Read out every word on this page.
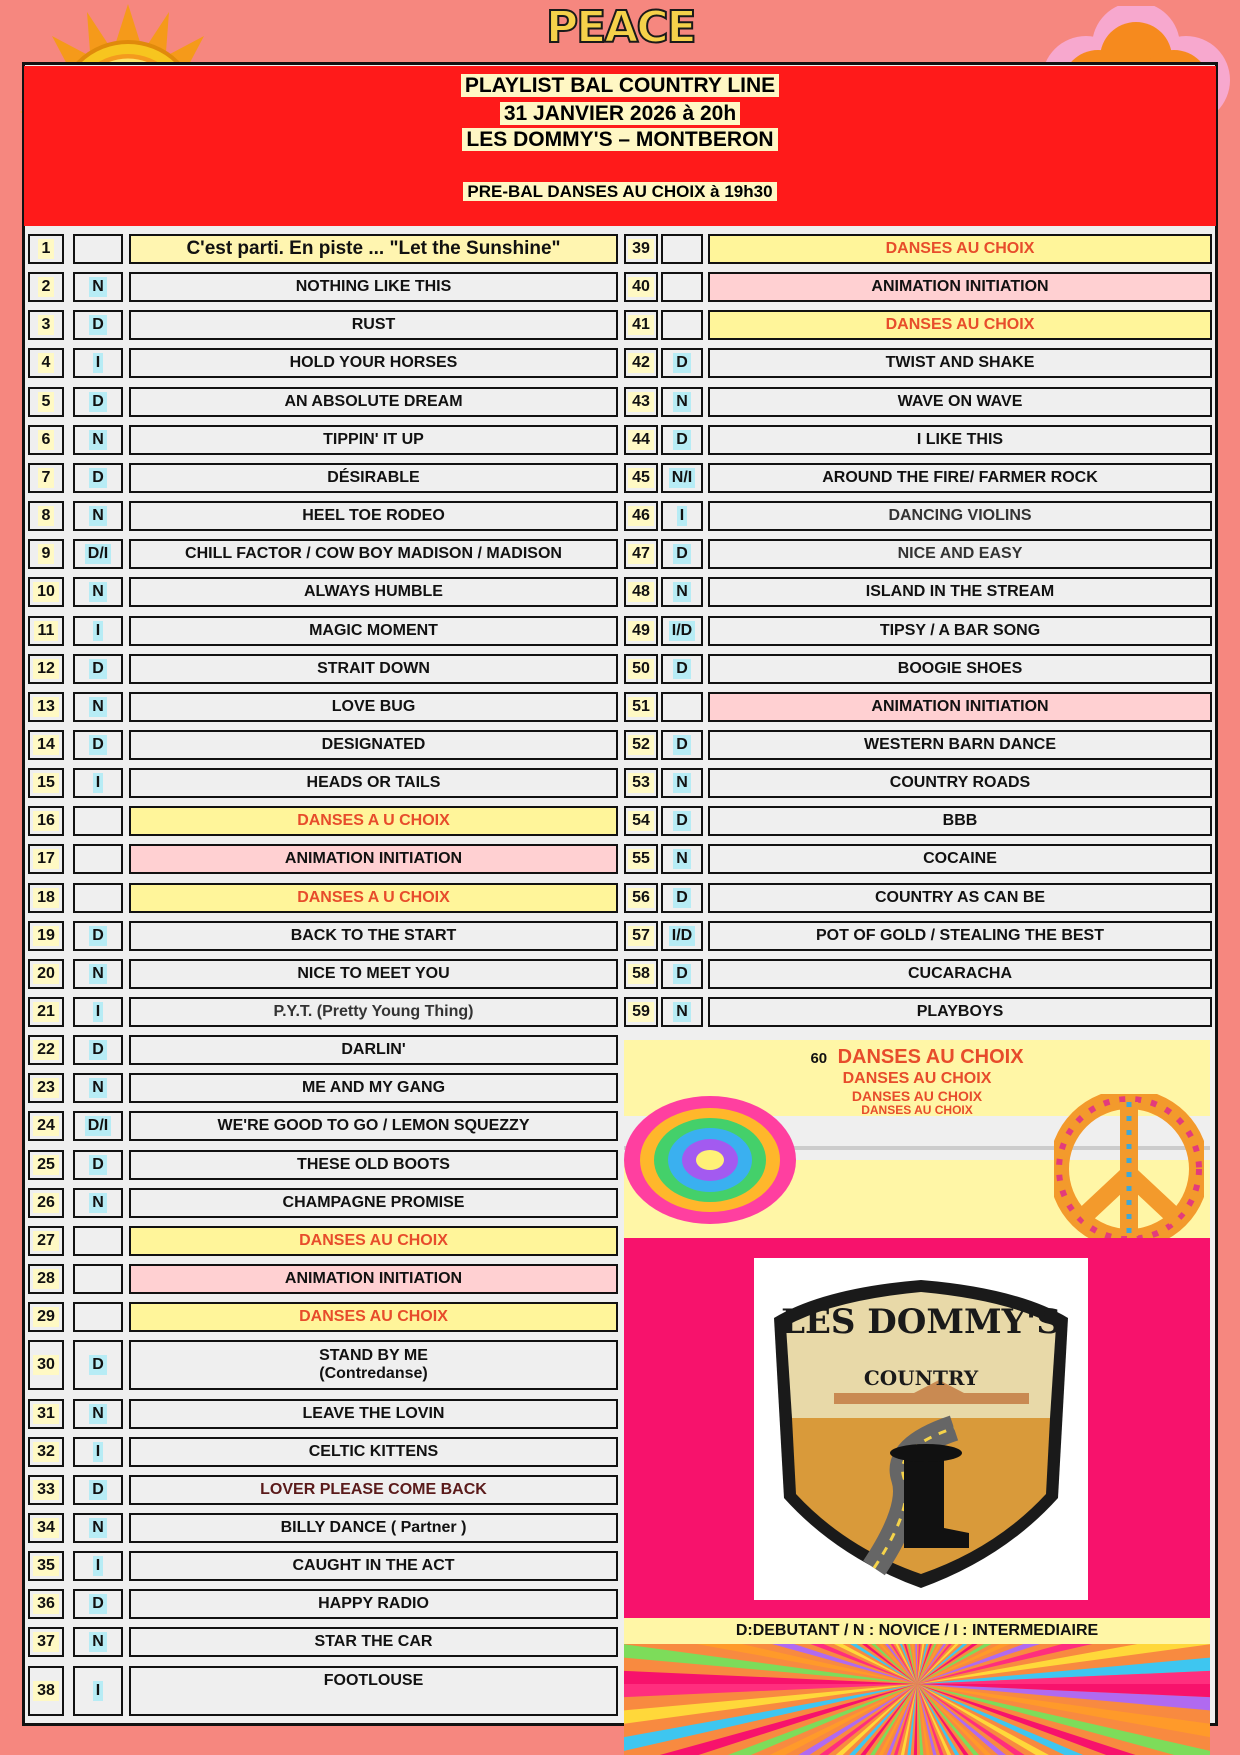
PEACE
PLAYLIST BAL COUNTRY LINE
31 JANVIER 2026 à 20h
LES DOMMY'S – MONTBERON
PRE-BAL DANSES AU CHOIX à 19h30
1	C'est parti. En piste ... "Let the Sunshine"
2	N	NOTHING LIKE THIS
3	D	RUST
4	I	HOLD YOUR HORSES
5	D	AN ABSOLUTE DREAM
6	N	TIPPIN' IT UP
7	D	DÉSIRABLE
8	N	HEEL TOE RODEO
9 D/I	CHILL FACTOR / COW BOY MADISON / MADISON
10 N	ALWAYS HUMBLE
11	I	MAGIC MOMENT
12 D	STRAIT DOWN
13 N	LOVE BUG
14 D	DESIGNATED
15	I	HEADS OR TAILS
16	DANSES A U CHOIX
17	ANIMATION INITIATION
18	DANSES A U CHOIX
19 D	BACK TO THE START
20 N	NICE TO MEET YOU
21	I	P.Y.T. (Pretty Young Thing)
22 D	DARLIN'
23 N	ME AND MY GANG
24 D/I	WE'RE GOOD TO GO / LEMON SQUEZZY
25 D	THESE OLD BOOTS
26 N	CHAMPAGNE PROMISE
27	DANSES AU CHOIX
28	ANIMATION INITIATION
29	DANSES AU CHOIX
30 D
STAND BY ME
(Contredanse)
31 N	LEAVE THE LOVIN
32	I	CELTIC KITTENS
33 D	LOVER PLEASE COME BACK
34 N	BILLY DANCE ( Partner )
35	I	CAUGHT IN THE ACT
36 D	HAPPY RADIO
37 N	STAR THE CAR
38	I
FOOTLOUSE
39	DANSES AU CHOIX
40	ANIMATION INITIATION
41	DANSES AU CHOIX
42 D	TWIST AND SHAKE
43 N	WAVE ON WAVE
44 D	I LIKE THIS
45 N/I	AROUND THE FIRE/ FARMER ROCK
46 I	DANCING VIOLINS
47 D	NICE AND EASY
48 N	ISLAND IN THE STREAM
49 I/D	TIPSY / A BAR SONG
50 D	BOOGIE SHOES
51	ANIMATION INITIATION
52 D	WESTERN BARN DANCE
53 N	COUNTRY ROADS
54 D	BBB
55 N	COCAINE
56 D	COUNTRY AS CAN BE
57 I/D	POT OF GOLD / STEALING THE BEST
58 D	CUCARACHA
59 N	PLAYBOYS
60 DANSES AU CHOIX
DANSES AU CHOIX
DANSES AU CHOIX
DANSES AU CHOIX
LES DOMMY'S
COUNTRY
D:DEBUTANT / N : NOVICE / I : INTERMEDIAIRE
